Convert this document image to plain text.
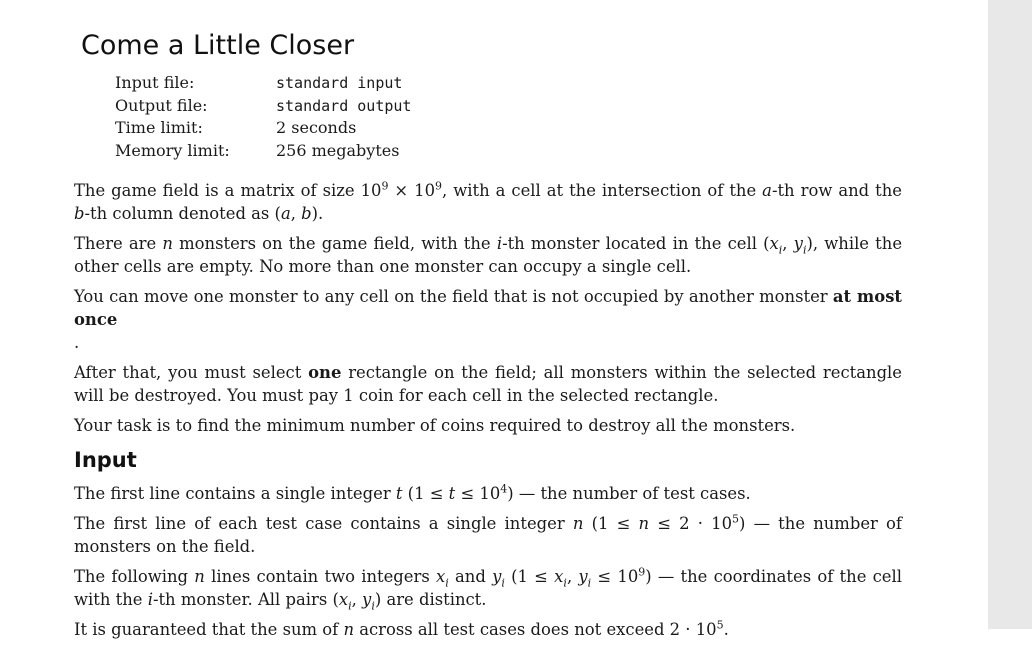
Come a Little Closer
Input file:	standard input
Output file:	standard output
Time limit:	2 seconds
Memory limit:	256 megabytes

The game field is a matrix of size $10^9 \times 10^9$, with a cell at the intersection of the a-th row and the b-th column denoted as (a, b).

There are n monsters on the game field, with the i-th monster located in the cell ($x_i$, $y_i$), while the other cells are empty. No more than one monster can occupy a single cell.

You can move one monster to any cell on the field that is not occupied by another monster at most once
.

After that, you must select one rectangle on the field; all monsters within the selected rectangle will be destroyed. You must pay 1 coin for each cell in the selected rectangle.

Your task is to find the minimum number of coins required to destroy all the monsters.

Input

The first line contains a single integer t $(1 \le t \le 10^4)$ — the number of test cases.

The first line of each test case contains a single integer n $(1 \le n \le 2 \cdot 10^5)$ — the number of monsters on the field.

The following n lines contain two integers $x_i$ and $y_i$ ($1 \le x_i$, $y_i \le 10^9$) — the coordinates of the cell with the i-th monster. All pairs ($x_i$, $y_i$) are distinct.

It is guaranteed that the sum of n across all test cases does not exceed $2 \cdot 10^5$.
